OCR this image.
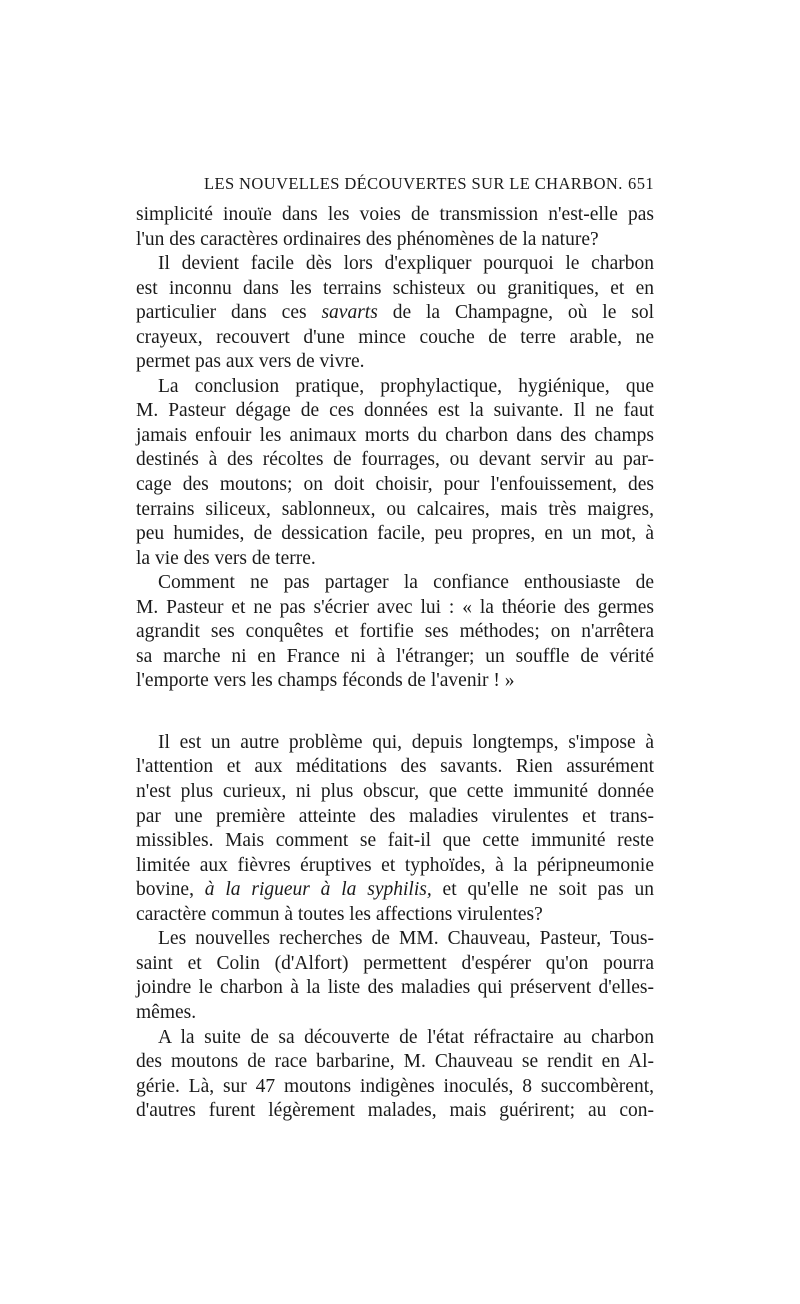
LES NOUVELLES DÉCOUVERTES SUR LE CHARBON. 651
simplicité inouïe dans les voies de transmission n'est-elle pas
l'un des caractères ordinaires des phénomènes de la nature?
Il devient facile dès lors d'expliquer pourquoi le charbon
est inconnu dans les terrains schisteux ou granitiques, et en
particulier dans ces savarts de la Champagne, où le sol
crayeux, recouvert d'une mince couche de terre arable, ne
permet pas aux vers de vivre.
La conclusion pratique, prophylactique, hygiénique, que
M. Pasteur dégage de ces données est la suivante. Il ne faut
jamais enfouir les animaux morts du charbon dans des champs
destinés à des récoltes de fourrages, ou devant servir au par-
cage des moutons; on doit choisir, pour l'enfouissement, des
terrains siliceux, sablonneux, ou calcaires, mais très maigres,
peu humides, de dessication facile, peu propres, en un mot, à
la vie des vers de terre.
Comment ne pas partager la confiance enthousiaste de
M. Pasteur et ne pas s'écrier avec lui : « la théorie des germes
agrandit ses conquêtes et fortifie ses méthodes; on n'arrêtera
sa marche ni en France ni à l'étranger; un souffle de vérité
l'emporte vers les champs féconds de l'avenir ! »
Il est un autre problème qui, depuis longtemps, s'impose à
l'attention et aux méditations des savants. Rien assurément
n'est plus curieux, ni plus obscur, que cette immunité donnée
par une première atteinte des maladies virulentes et trans-
missibles. Mais comment se fait-il que cette immunité reste
limitée aux fièvres éruptives et typhoïdes, à la péripneumonie
bovine, à la rigueur à la syphilis, et qu'elle ne soit pas un
caractère commun à toutes les affections virulentes?
Les nouvelles recherches de MM. Chauveau, Pasteur, Tous-
saint et Colin (d'Alfort) permettent d'espérer qu'on pourra
joindre le charbon à la liste des maladies qui préservent d'elles-
mêmes.
A la suite de sa découverte de l'état réfractaire au charbon
des moutons de race barbarine, M. Chauveau se rendit en Al-
gérie. Là, sur 47 moutons indigènes inoculés, 8 succombèrent,
d'autres furent légèrement malades, mais guérirent; au con-
